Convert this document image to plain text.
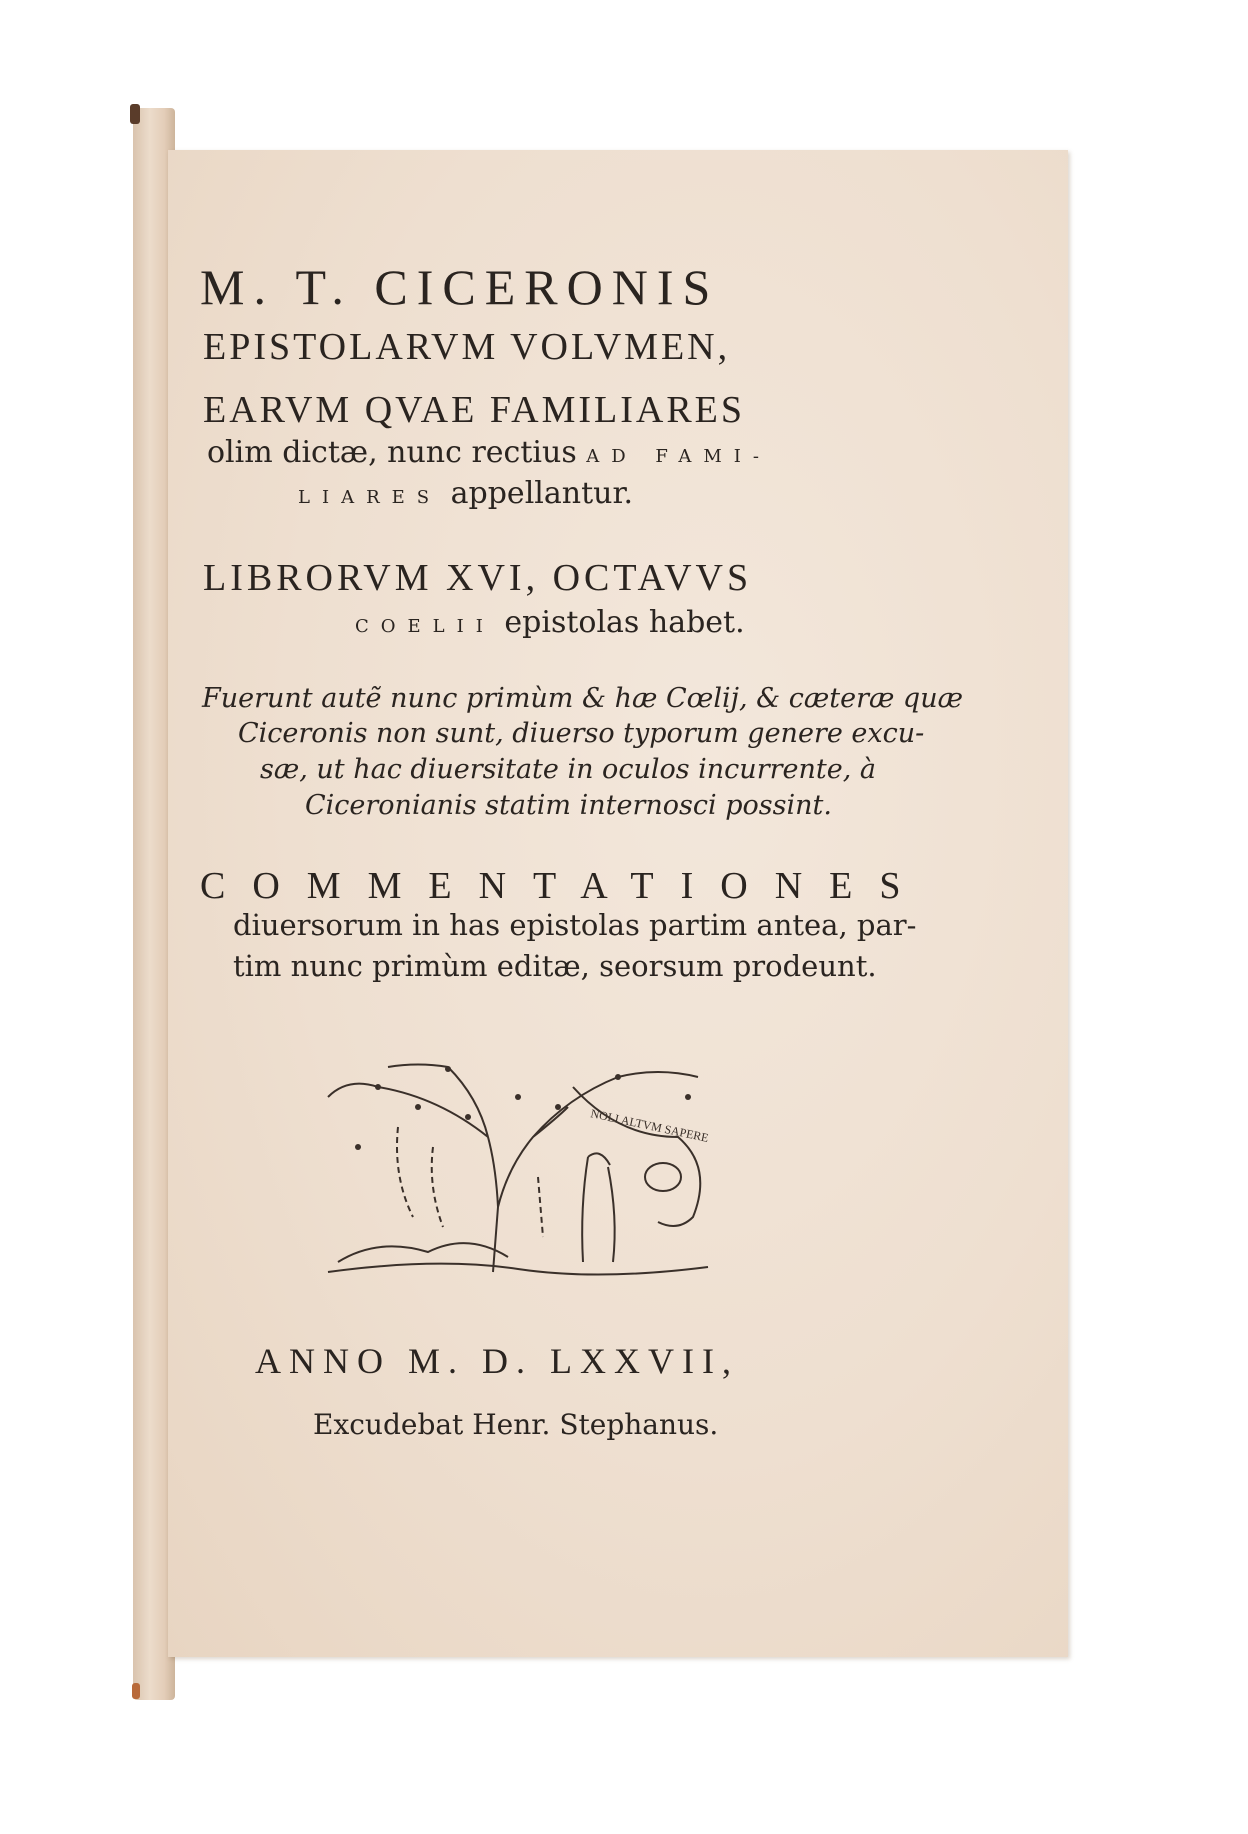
M. T. CICERONIS
EPISTOLARVM VOLVMEN,
EARVM QVAE FAMILIARES
olim dictæ, nunc rectius AD FAMI-
LIARES appellantur.
LIBRORVM XVI, OCTAVVS
COELII epistolas habet.
Fuerunt autẽ nunc primùm & hæ Cœlij, & cæteræ quæ
Ciceronis non sunt, diuerso typorum genere excu-
sæ, ut hac diuersitate in oculos incurrente, à
Ciceronianis statim internosci possint.
COMMENTATIONES
diuersorum in has epistolas partim antea, par-
tim nunc primùm editæ, seorsum prodeunt.
NOLI ALTVM SAPERE
ANNO M. D. LXXVII,
Excudebat Henr. Stephanus.
